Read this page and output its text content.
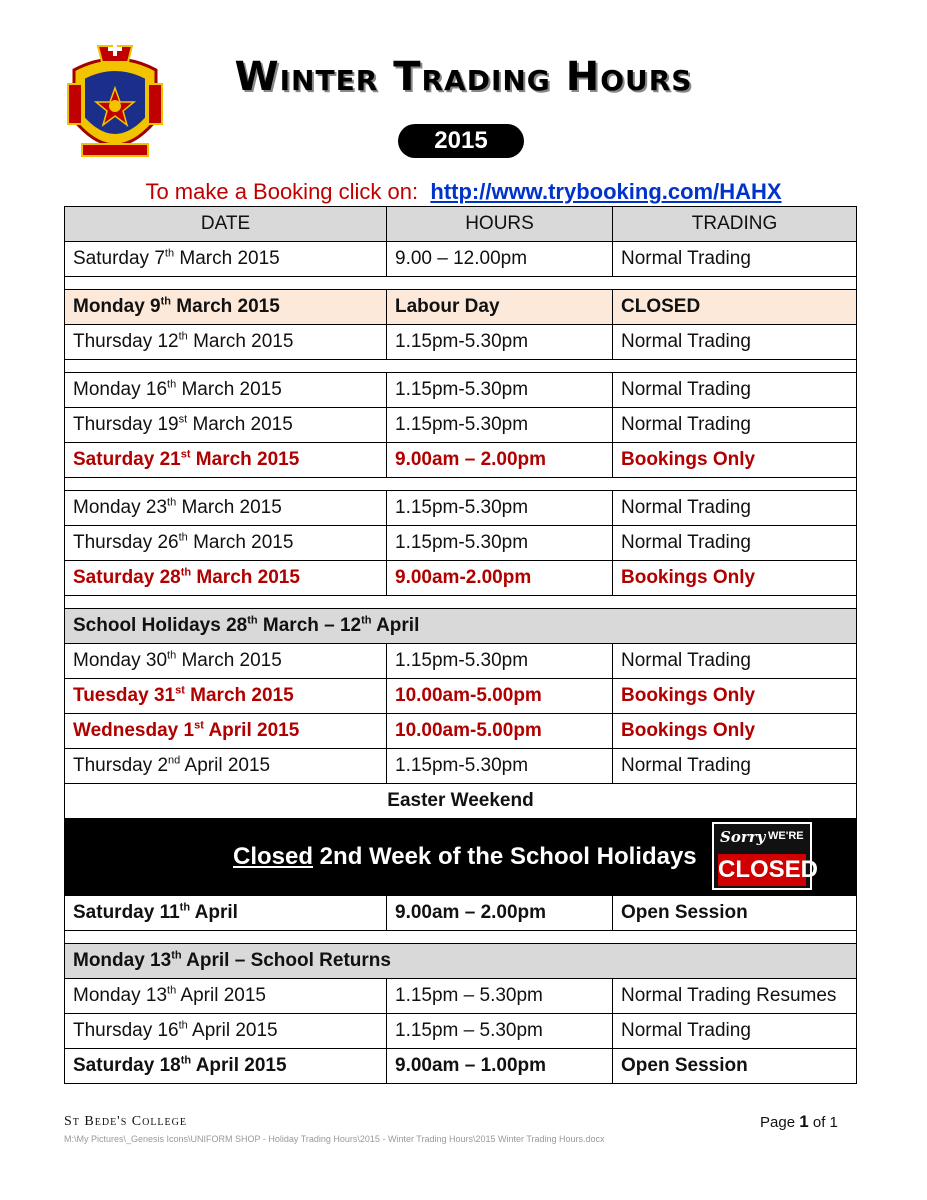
Winter Trading Hours
2015
To make a Booking click on: http://www.trybooking.com/HAHX
DATE	HOURS	TRADING
Saturday 7th March 2015	9.00 – 12.00pm	Normal Trading

Monday 9th March 2015	Labour Day	CLOSED
Thursday 12th March 2015	1.15pm-5.30pm	Normal Trading

Monday 16th March 2015	1.15pm-5.30pm	Normal Trading
Thursday 19st March 2015	1.15pm-5.30pm	Normal Trading
Saturday 21st March 2015	9.00am – 2.00pm	Bookings Only

Monday 23th March 2015	1.15pm-5.30pm	Normal Trading
Thursday 26th March 2015	1.15pm-5.30pm	Normal Trading
Saturday 28th March 2015	9.00am-2.00pm	Bookings Only

School Holidays 28th March – 12th April		
Monday 30th March 2015	1.15pm-5.30pm	Normal Trading
Tuesday 31st March 2015	10.00am-5.00pm	Bookings Only
Wednesday 1st April 2015	10.00am-5.00pm	Bookings Only
Thursday 2nd April 2015	1.15pm-5.30pm	Normal Trading
Easter Weekend		

Closed 2nd Week of the School Holidays
Sorry WE'RE
CLOSED		

Saturday 11th April	9.00am – 2.00pm	Open Session

Monday 13th April – School Returns		
Monday 13th April 2015	1.15pm – 5.30pm	Normal Trading Resumes
Thursday 16th April 2015	1.15pm – 5.30pm	Normal Trading
Saturday 18th April 2015	9.00am – 1.00pm	Open Session
St Bede's College	Page 1 of 1
M:\My Pictures\_Genesis Icons\UNIFORM SHOP - Holiday Trading Hours\2015 - Winter Trading Hours\2015 Winter Trading Hours.docx
